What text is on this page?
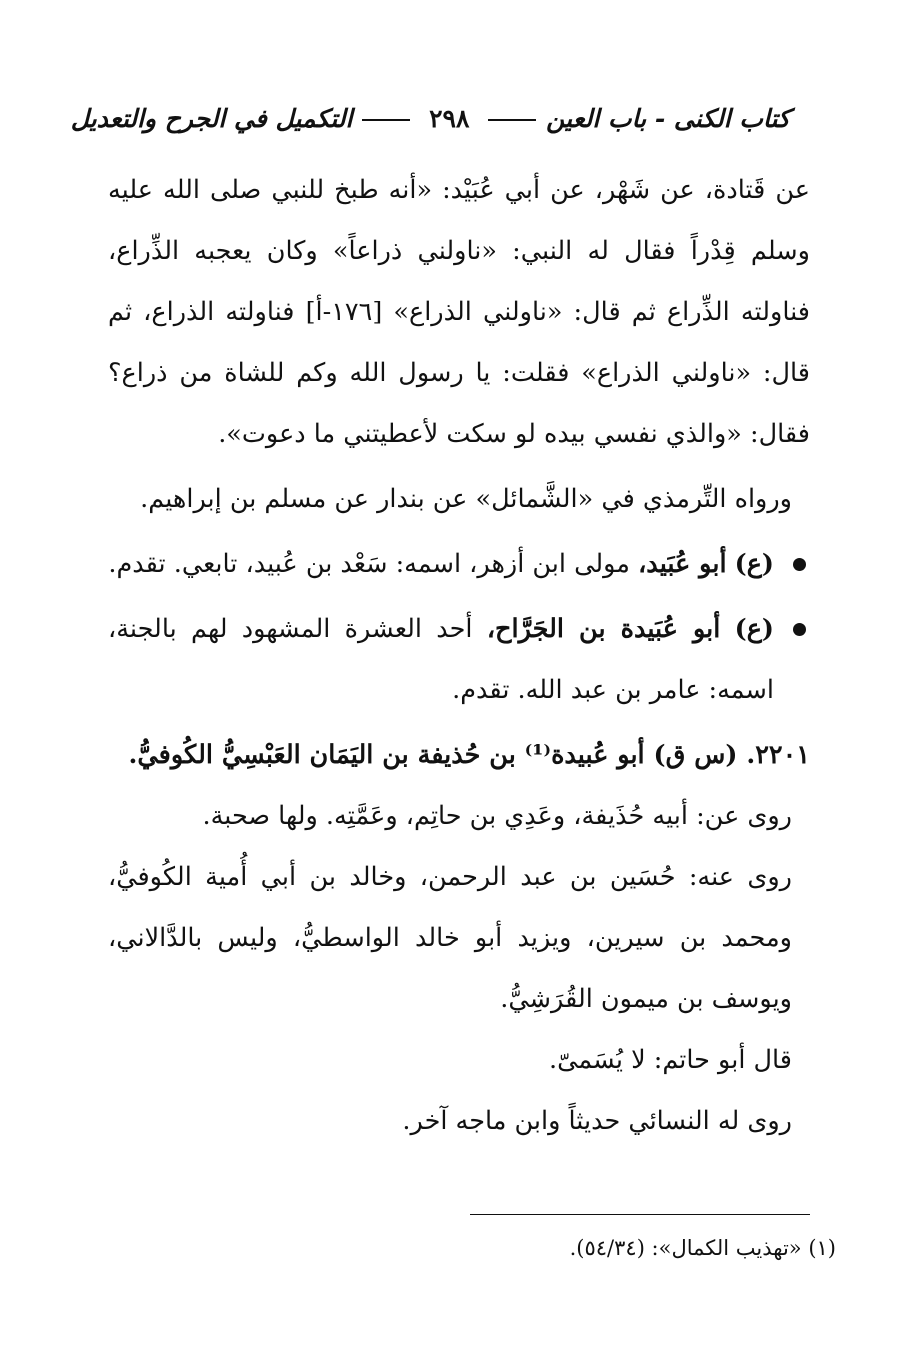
كتاب الكنى - باب العين
٢٩٨
التكميل في الجرح والتعديل

عن قَتادة، عن شَهْر، عن أبي عُبَيْد: «أنه طبخ للنبي صلى الله عليه وسلم قِدْراً فقال له النبي: «ناولني ذراعاً» وكان يعجبه الذِّراع، فناولته الذِّراع ثم قال: «ناولني الذراع» [١٧٦-أ] فناولته الذراع، ثم قال: «ناولني الذراع» فقلت: يا رسول الله وكم للشاة من ذراع؟ فقال: «والذي نفسي بيده لو سكت لأعطيتني ما دعوت».

ورواه التِّرمذي في «الشَّمائل» عن بندار عن مسلم بن إبراهيم.

(ع) أبو عُبَيد، مولى ابن أزهر، اسمه: سَعْد بن عُبيد، تابعي. تقدم.

(ع) أبو عُبَيدة بن الجَرَّاح، أحد العشرة المشهود لهم بالجنة، اسمه: عامر بن عبد الله. تقدم.

٢٢٠١. (س ق) أبو عُبيدة⁽¹⁾ بن حُذيفة بن اليَمَان العَبْسِيُّ الكُوفيُّ.

روى عن: أبيه حُذَيفة، وعَدِي بن حاتِم، وعَمَّتِه. ولها صحبة.

روى عنه: حُسَين بن عبد الرحمن، وخالد بن أبي أُمية الكُوفيُّ، ومحمد بن سيرين، ويزيد أبو خالد الواسطيُّ، وليس بالدَّالاني، ويوسف بن ميمون القُرَشِيُّ.

قال أبو حاتم: لا يُسَمىّ.

روى له النسائي حديثاً وابن ماجه آخر.

(١) «تهذيب الكمال»: (٥٤/٣٤).
